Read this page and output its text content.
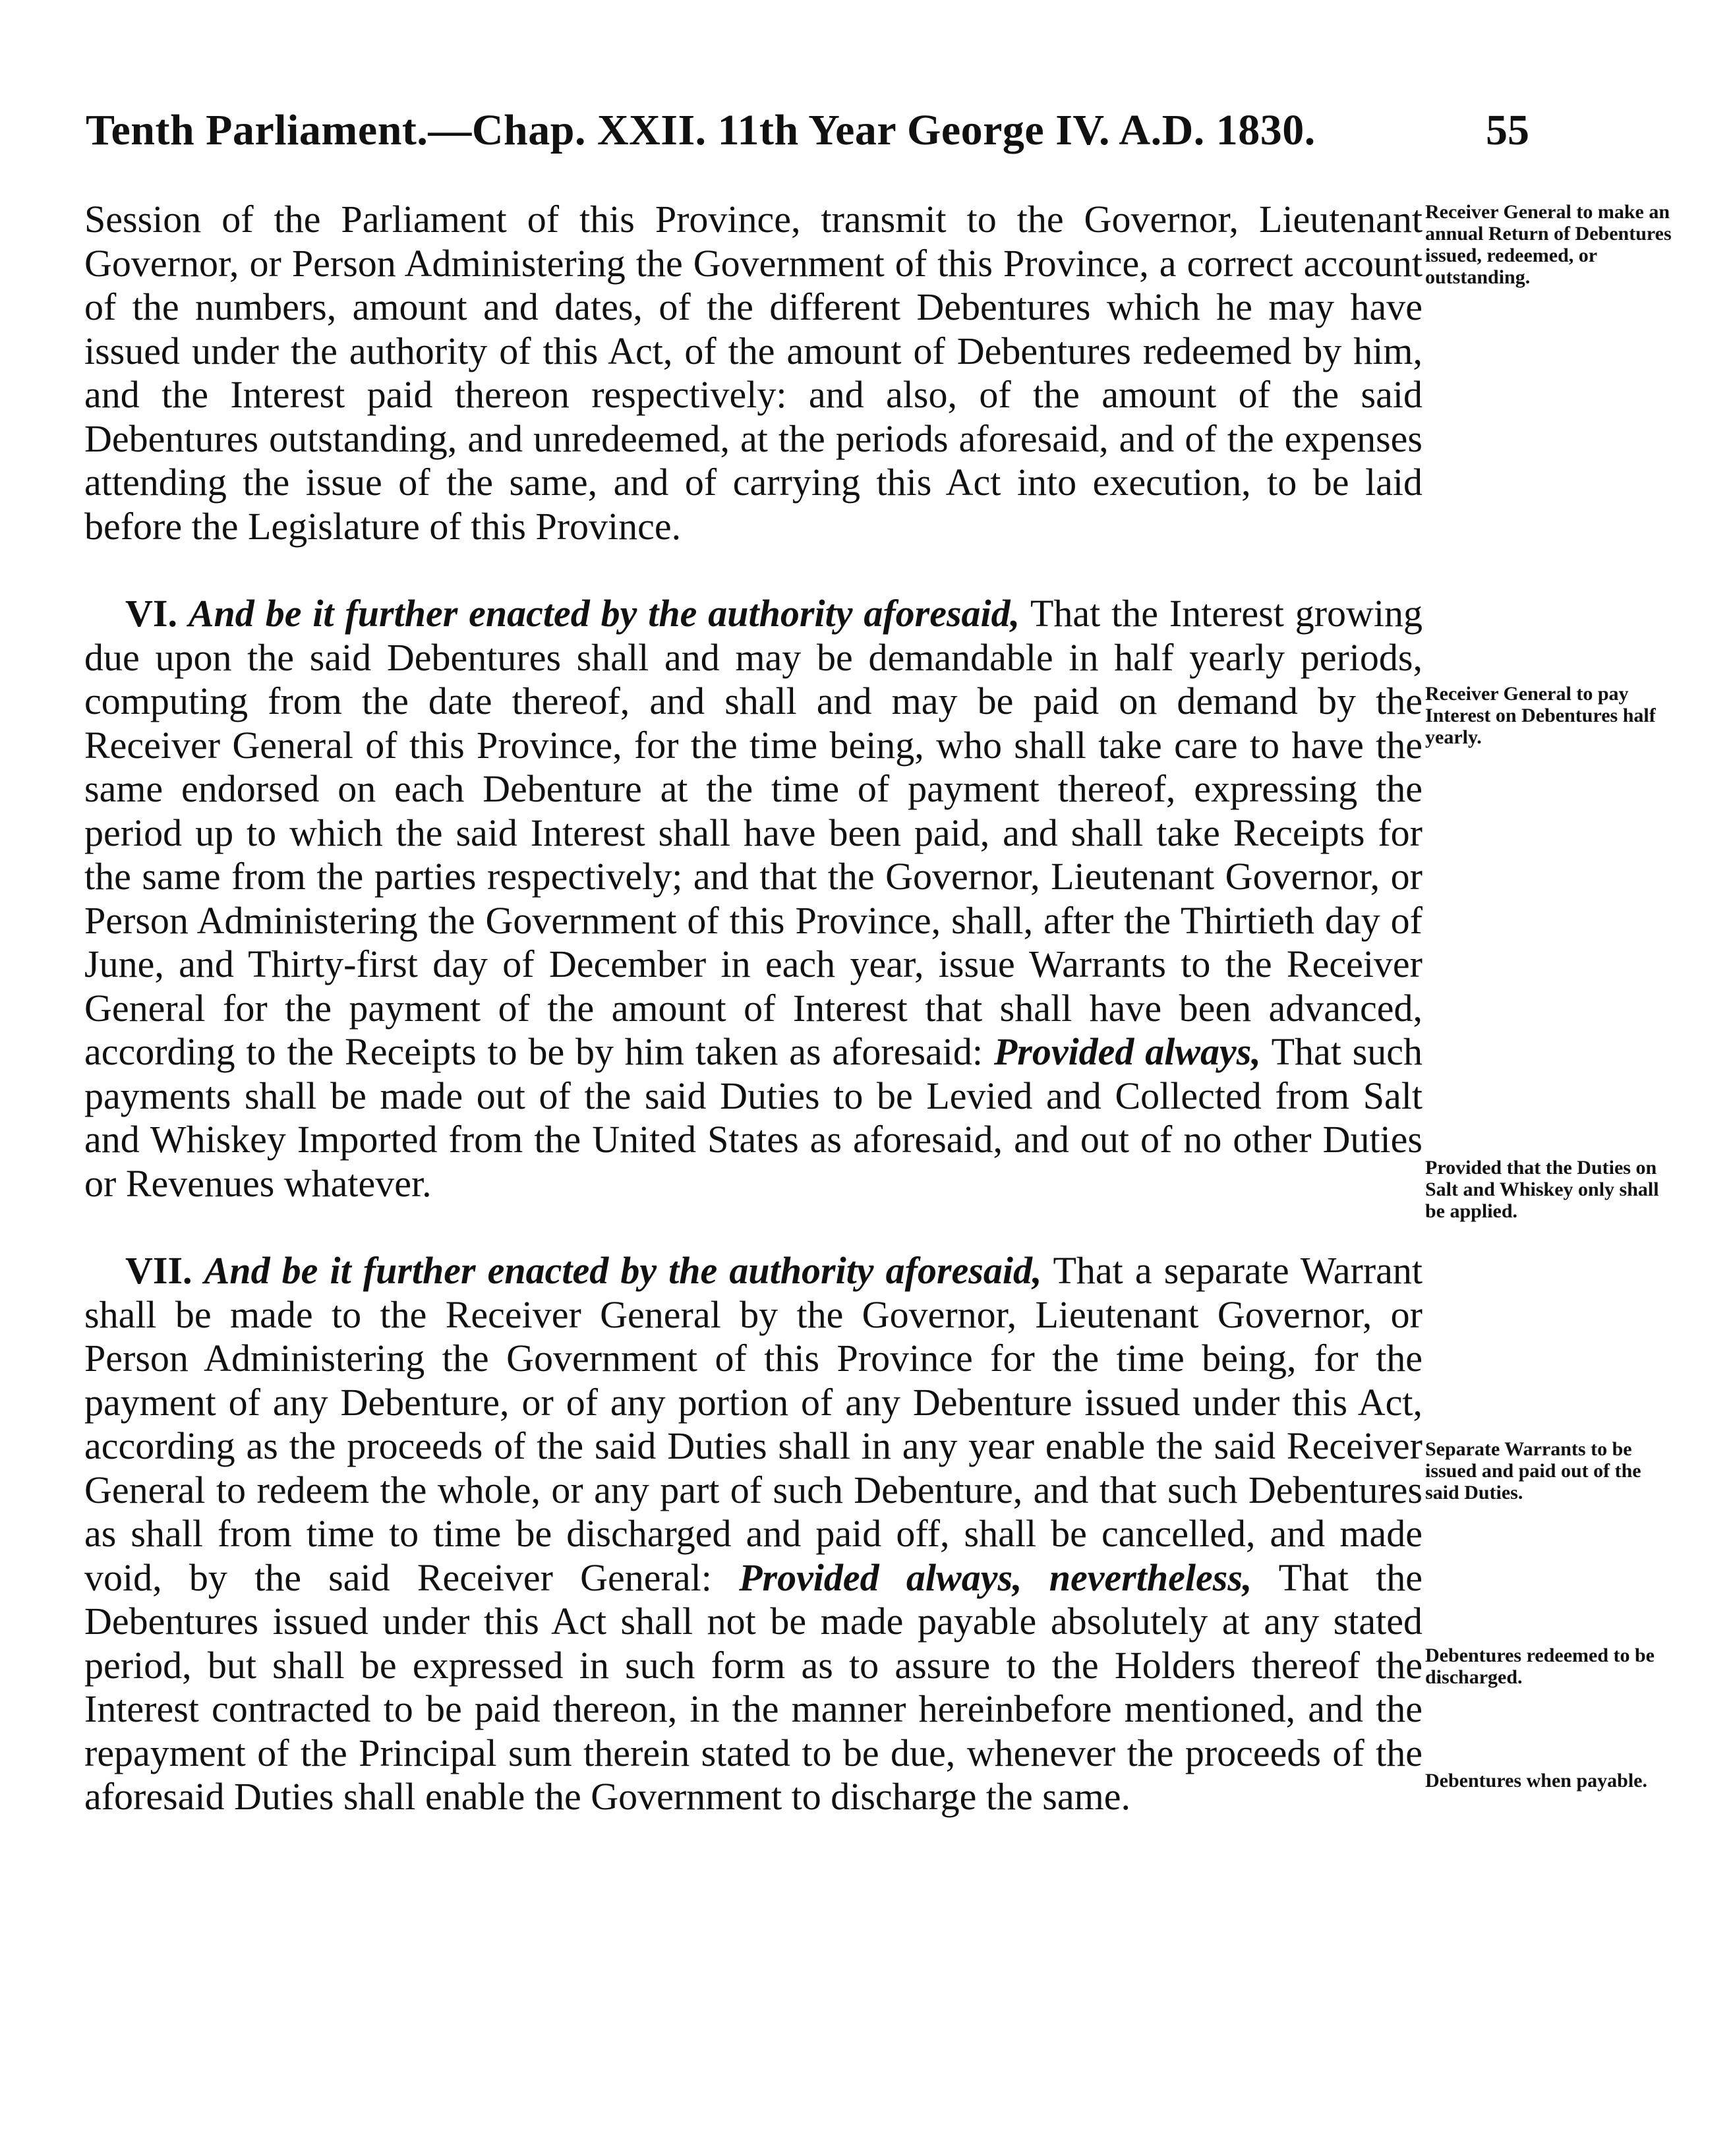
Tenth Parliament.—Chap. XXII. 11th Year George IV. A.D. 1830.	55

Session of the Parliament of this Province, transmit to the Governor, Lieutenant Governor, or Person Administering the Government of this Province, a correct account of the numbers, amount and dates, of the different Debentures which he may have issued under the authority of this Act, of the amount of Debentures redeemed by him, and the Interest paid thereon respectively: and also, of the amount of the said Debentures outstanding, and unredeemed, at the periods aforesaid, and of the expenses attending the issue of the same, and of carrying this Act into execution, to be laid before the Legislature of this Province.

VI. And be it further enacted by the authority aforesaid, That the Interest growing due upon the said Debentures shall and may be demandable in half yearly periods, computing from the date thereof, and shall and may be paid on demand by the Receiver General of this Province, for the time being, who shall take care to have the same endorsed on each Debenture at the time of payment thereof, expressing the period up to which the said Interest shall have been paid, and shall take Receipts for the same from the parties respectively; and that the Governor, Lieutenant Governor, or Person Administering the Government of this Province, shall, after the Thirtieth day of June, and Thirty-first day of December in each year, issue Warrants to the Receiver General for the payment of the amount of Interest that shall have been advanced, according to the Receipts to be by him taken as aforesaid: Provided always, That such payments shall be made out of the said Duties to be Levied and Collected from Salt and Whiskey Imported from the United States as aforesaid, and out of no other Duties or Revenues whatever.

VII. And be it further enacted by the authority aforesaid, That a separate Warrant shall be made to the Receiver General by the Governor, Lieutenant Governor, or Person Administering the Government of this Province for the time being, for the payment of any Debenture, or of any portion of any Debenture issued under this Act, according as the proceeds of the said Duties shall in any year enable the said Receiver General to redeem the whole, or any part of such Debenture, and that such Debentures as shall from time to time be discharged and paid off, shall be cancelled, and made void, by the said Receiver General: Provided always, nevertheless, That the Debentures issued under this Act shall not be made payable absolutely at any stated period, but shall be expressed in such form as to assure to the Holders thereof the Interest contracted to be paid thereon, in the manner hereinbefore mentioned, and the repayment of the Principal sum therein stated to be due, whenever the proceeds of the aforesaid Duties shall enable the Government to discharge the same.

Receiver General to make an annual Return of Debentures issued, redeemed, or outstanding.
Receiver General to pay Interest on Debentures half yearly.
Provided that the Duties on Salt and Whiskey only shall be applied.
Separate Warrants to be issued and paid out of the said Duties.
Debentures redeemed to be discharged.
Debentures when payable.
